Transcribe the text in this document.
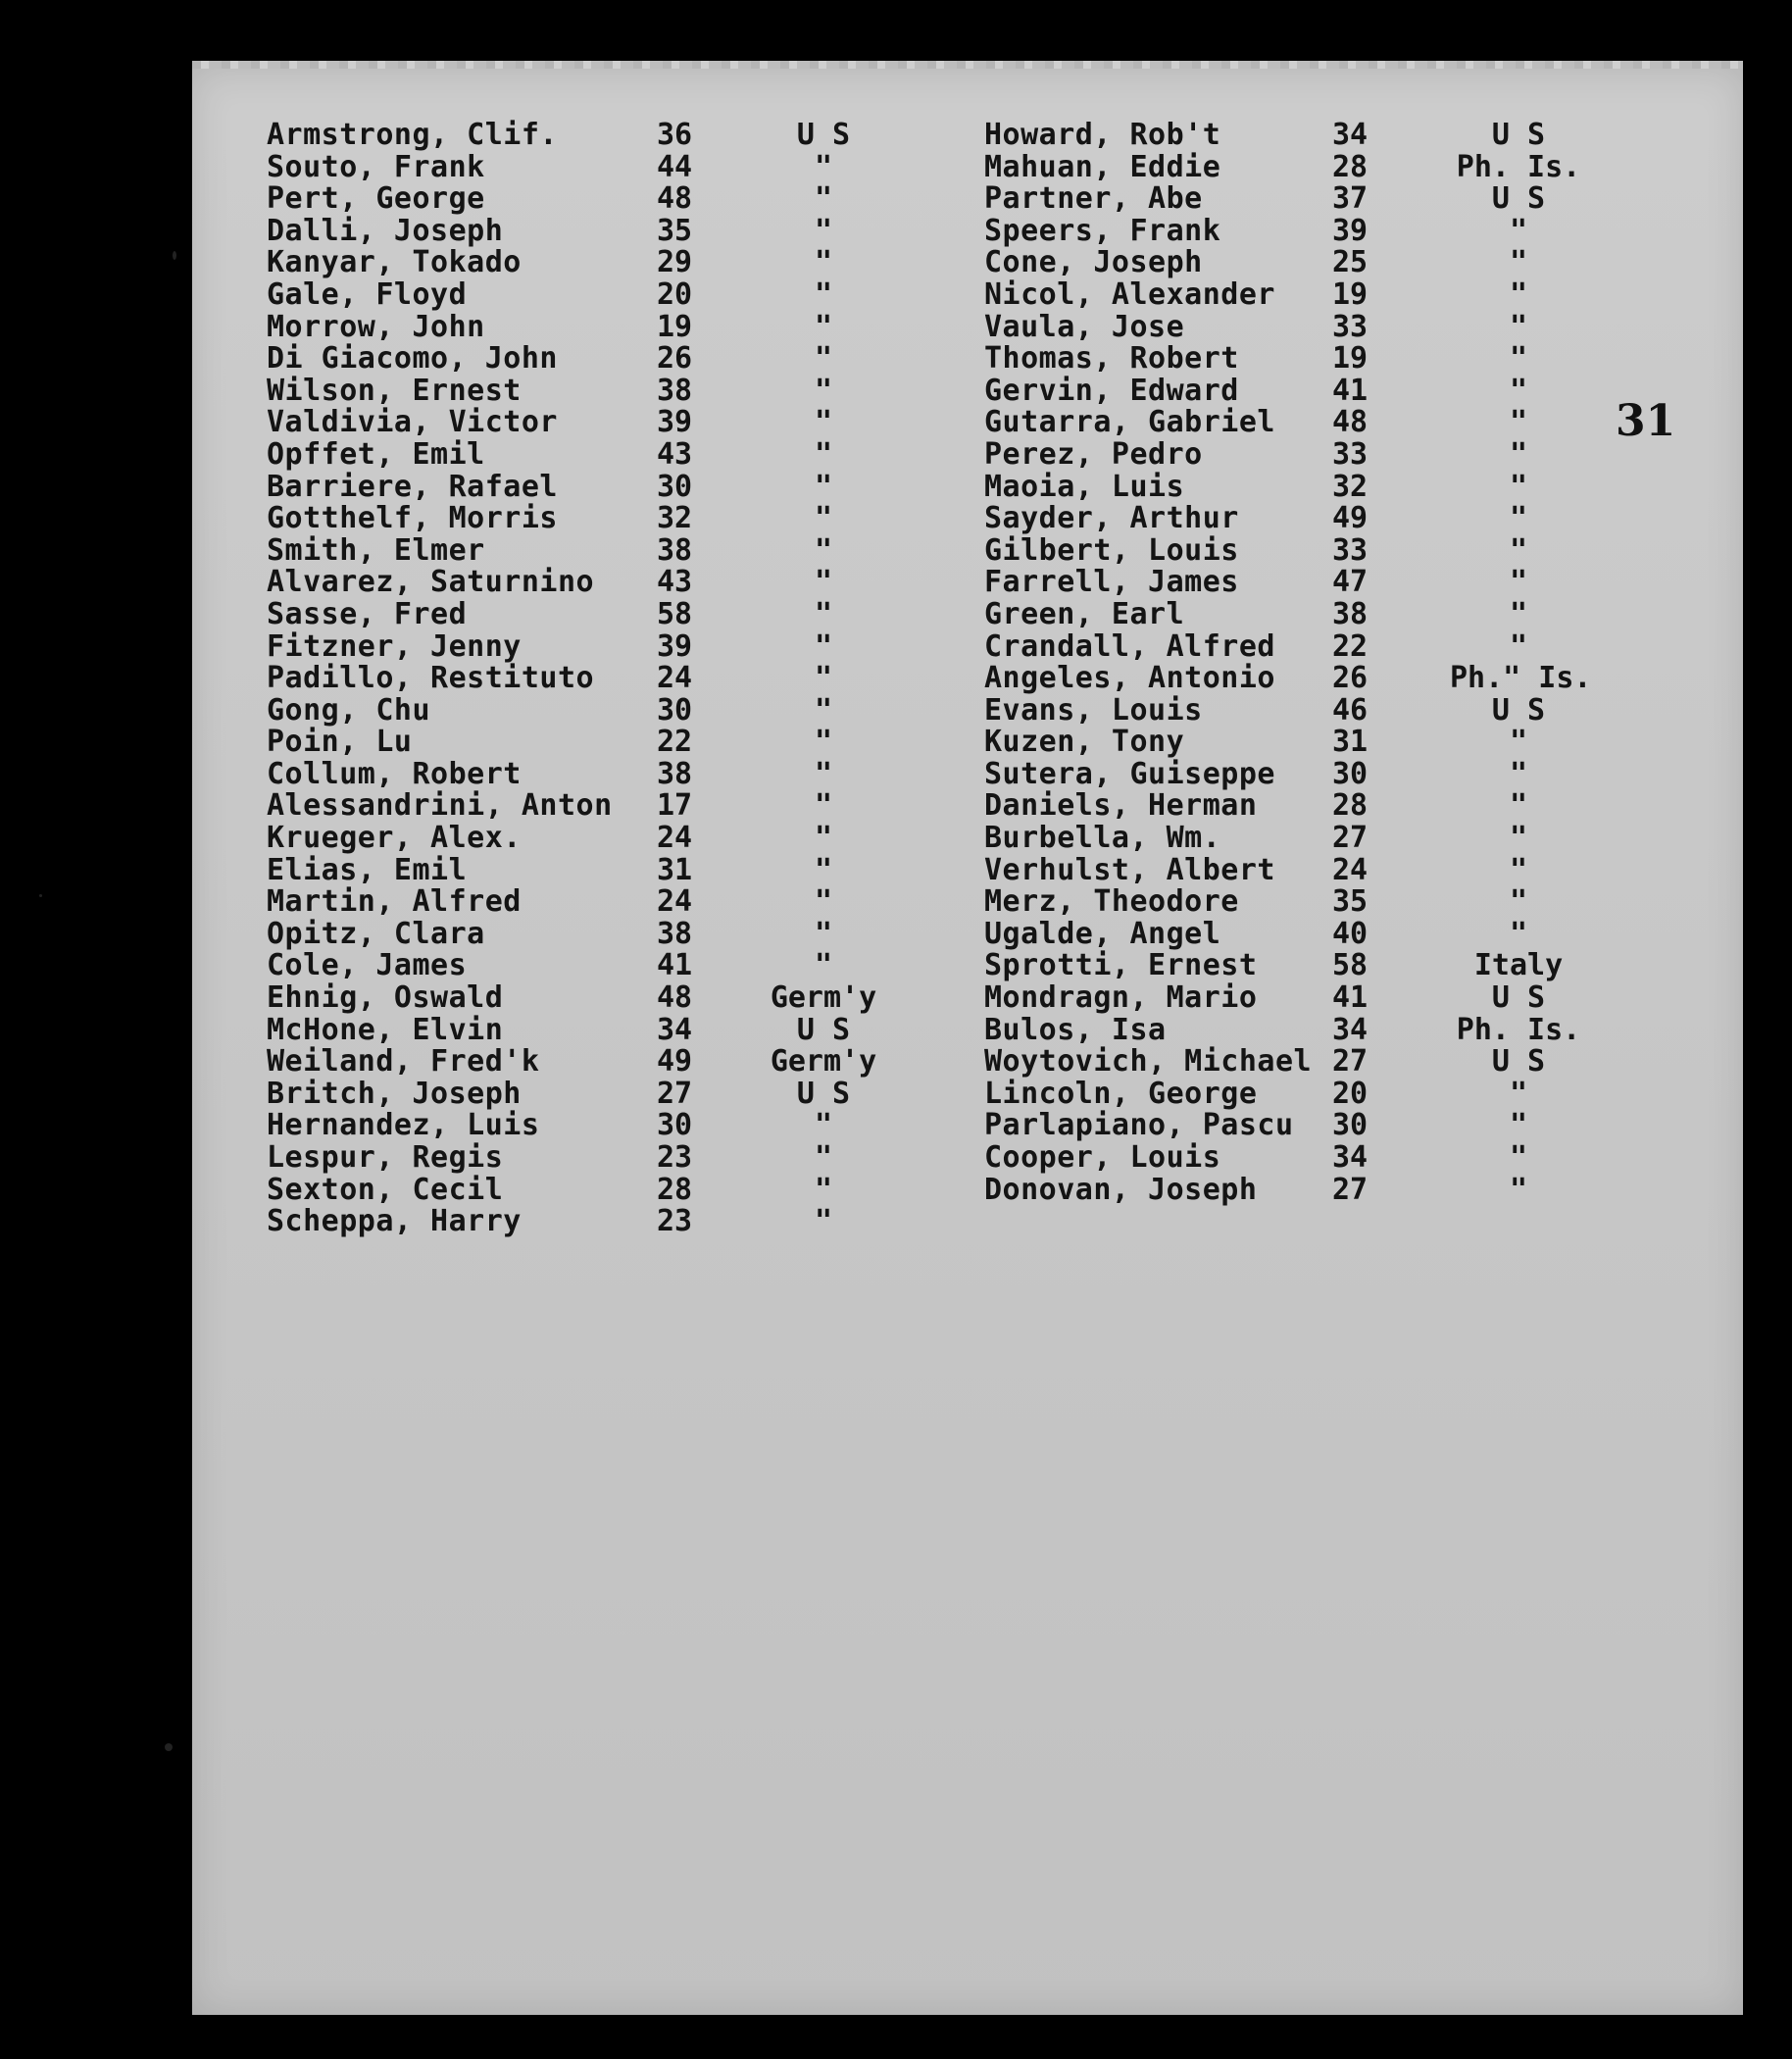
31
Armstrong, Clif.	36	U S
Souto, Frank	44	"
Pert, George	48	"
Dalli, Joseph	35	"
Kanyar, Tokado	29	"
Gale, Floyd	20	"
Morrow, John	19	"
Di Giacomo, John	26	"
Wilson, Ernest	38	"
Valdivia, Victor	39	"
Opffet, Emil	43	"
Barriere, Rafael	30	"
Gotthelf, Morris	32	"
Smith, Elmer	38	"
Alvarez, Saturnino 43	"
Sasse, Fred	58	"
Fitzner, Jenny	39	"
Padillo, Restituto 24	"
Gong, Chu	30	"
Poin, Lu	22	"
Collum, Robert	38	"
Alessandrini, Anton 17	"
Krueger, Alex.	24	"
Elias, Emil	31	"
Martin, Alfred	24	"
Opitz, Clara	38	"
Cole, James	41	"
Ehnig, Oswald	48	Germ'y
McHone, Elvin	34	U S
Weiland, Fred'k	49	Germ'y
Britch, Joseph	27	U S
Hernandez, Luis	30	"
Lespur, Regis	23	"
Sexton, Cecil	28	"
Scheppa, Harry	23	"
Howard, Rob't	34	U S
Mahuan, Eddie	28	Ph. Is.
Partner, Abe	37	U S
Speers, Frank	39	"
Cone, Joseph	25	"
Nicol, Alexander 19	"
Vaula, Jose	33	"
Thomas, Robert	19	"
Gervin, Edward	41	"
Gutarra, Gabriel 48	"
Perez, Pedro	33	"
Maoia, Luis	32	"
Sayder, Arthur	49	"
Gilbert, Louis	33	"
Farrell, James	47	"
Green, Earl	38	"
Crandall, Alfred 22	"
Angeles, Antonio 26	Ph." Is.
Evans, Louis	46	U S
Kuzen, Tony	31	"
Sutera, Guiseppe 30	"
Daniels, Herman	28	"
Burbella, Wm.	27	"
Verhulst, Albert 24	"
Merz, Theodore	35	"
Ugalde, Angel	40	"
Sprotti, Ernest	58	Italy
Mondragn, Mario	41	U S
Bulos, Isa	34	Ph. Is.
Woytovich, Michael 27	U S
Lincoln, George	20	"
Parlapiano, Pascu 30	"
Cooper, Louis	34	"
Donovan, Joseph	27	"
